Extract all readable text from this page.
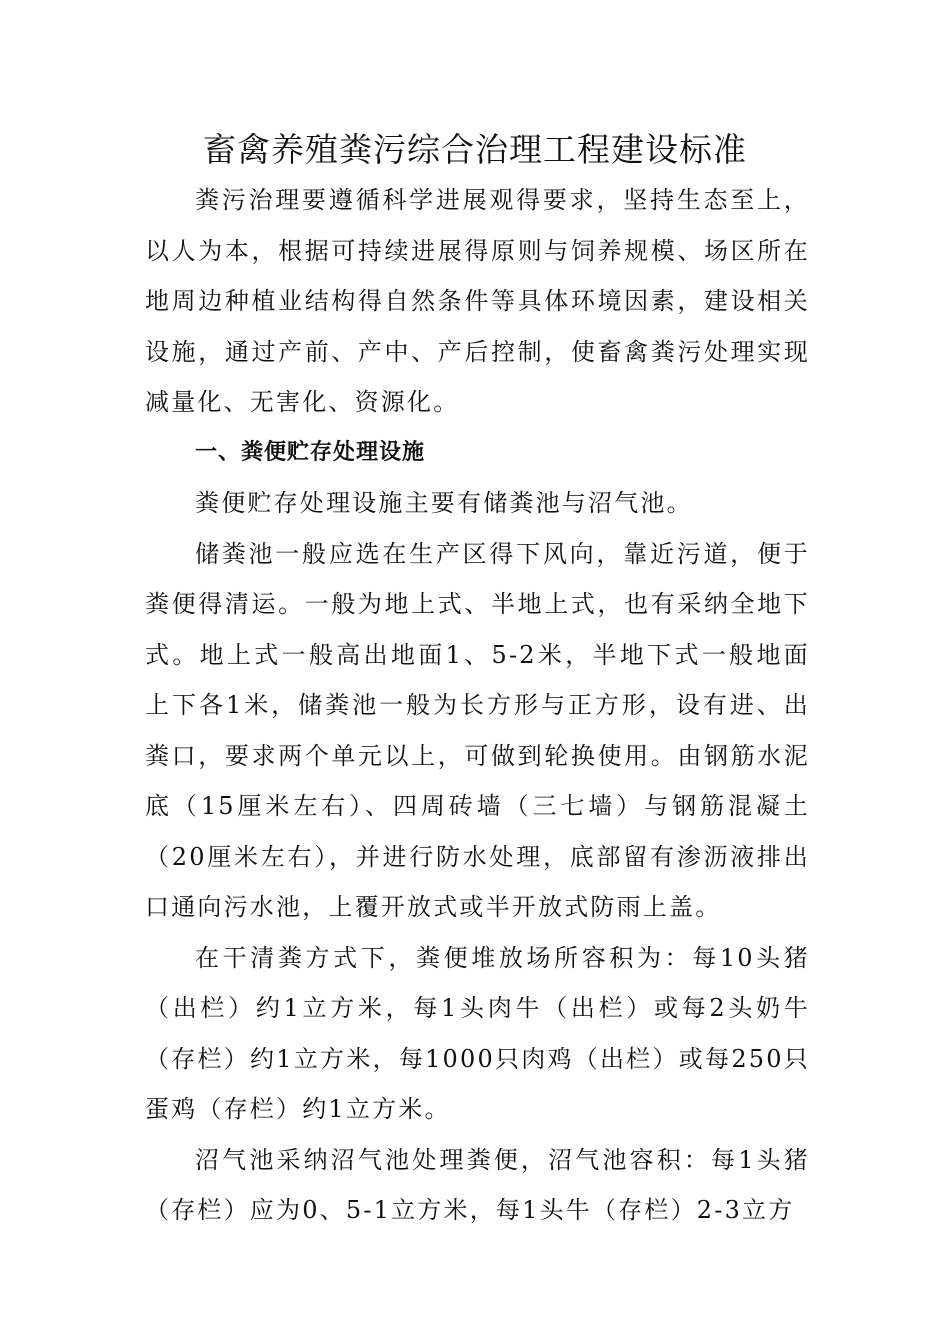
畜禽养殖粪污综合治理工程建设标准

粪污治理要遵循科学进展观得要求，坚持生态至上，以人为本，根据可持续进展得原则与饲养规模、场区所在地周边种植业结构得自然条件等具体环境因素，建设相关设施，通过产前、产中、产后控制，使畜禽粪污处理实现减量化、无害化、资源化。

一、粪便贮存处理设施

粪便贮存处理设施主要有储粪池与沼气池。

储粪池一般应选在生产区得下风向，靠近污道，便于粪便得清运。一般为地上式、半地上式，也有采纳全地下式。地上式一般高出地面1、5-2米，半地下式一般地面上下各1米，储粪池一般为长方形与正方形，设有进、出粪口，要求两个单元以上，可做到轮换使用。由钢筋水泥底（15厘米左右）、四周砖墙（三七墙）与钢筋混凝土（20厘米左右），并进行防水处理，底部留有渗沥液排出口通向污水池，上覆开放式或半开放式防雨上盖。

在干清粪方式下，粪便堆放场所容积为：每10头猪（出栏）约1立方米，每1头肉牛（出栏）或每2头奶牛（存栏）约1立方米，每1000只肉鸡（出栏）或每250只蛋鸡（存栏）约1立方米。

沼气池采纳沼气池处理粪便，沼气池容积：每1头猪（存栏）应为0、5-1立方米，每1头牛（存栏）2-3立方
